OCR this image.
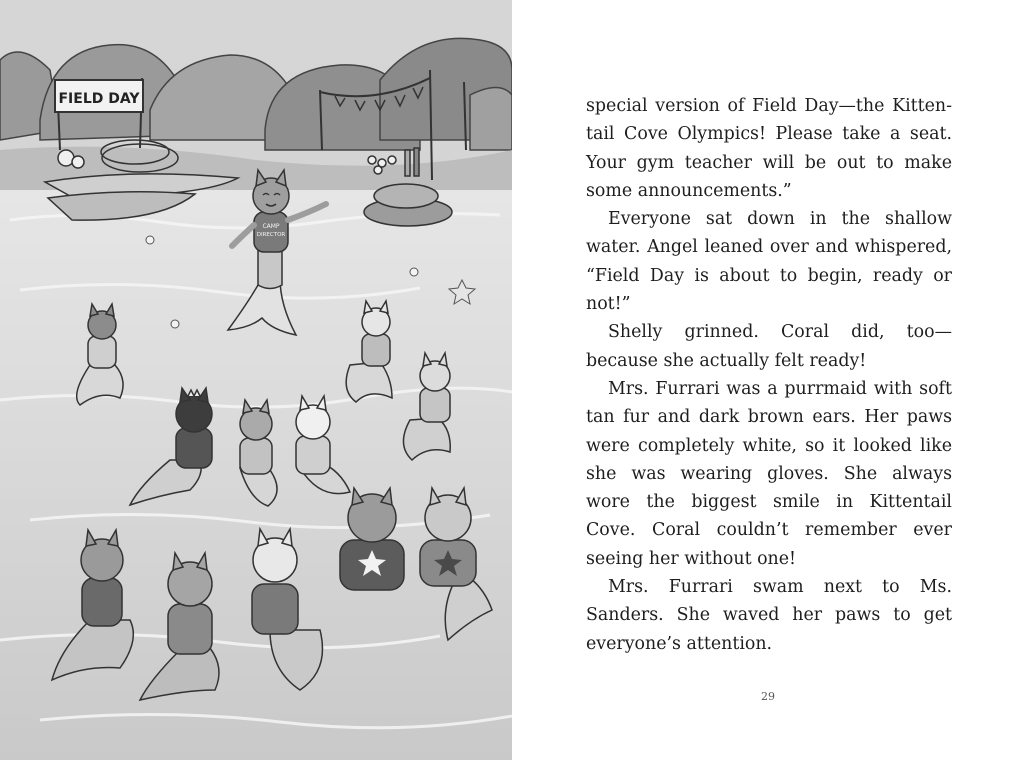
FIELD DAY
CAMP
DIRECTOR

special version of Field Day—the Kittentail Cove Olympics! Please take a seat. Your gym teacher will be out to make some announcements.”

Everyone sat down in the shallow water. Angel leaned over and whispered, “Field Day is about to begin, ready or not!”

Shelly grinned. Coral did, too—because she actually felt ready!

Mrs. Furrari was a purrmaid with soft tan fur and dark brown ears. Her paws were completely white, so it looked like she was wearing gloves. She always wore the biggest smile in Kittentail Cove. Coral couldn’t remember ever seeing her without one!

Mrs. Furrari swam next to Ms. Sanders. She waved her paws to get everyone’s attention.

29
